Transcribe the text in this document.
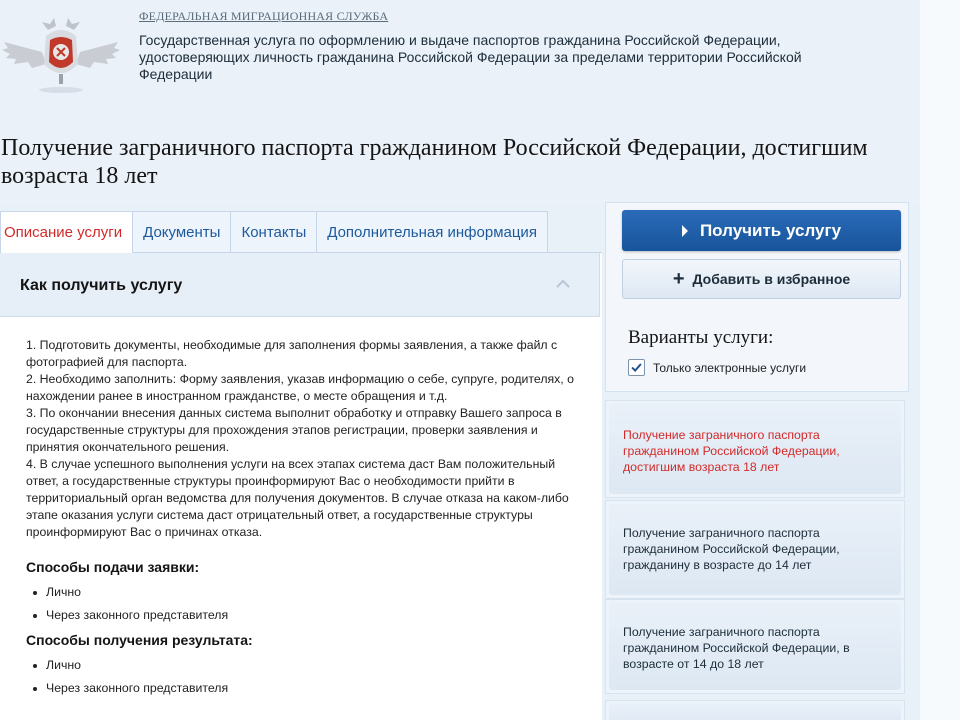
ФЕДЕРАЛЬНАЯ МИГРАЦИОННАЯ СЛУЖБА
Государственная услуга по оформлению и выдаче паспортов гражданина Российской Федерации, удостоверяющих личность гражданина Российской Федерации за пределами территории Российской Федерации
Получение заграничного паспорта гражданином Российской Федерации, достигшим возраста 18 лет
Описание услуги	Документы	Контакты	Дополнительная информация
Как получить услугу

1. Подготовить документы, необходимые для заполнения формы заявления, а также файл с фотографией для паспорта.

2. Необходимо заполнить: Форму заявления, указав информацию о себе, супруге, родителях, о нахождении ранее в иностранном гражданстве, о месте обращения и т.д.

3. По окончании внесения данных система выполнит обработку и отправку Вашего запроса в государственные структуры для прохождения этапов регистрации, проверки заявления и принятия окончательного решения.

4. В случае успешного выполнения услуги на всех этапах система даст Вам положительный ответ, а государственные структуры проинформируют Вас о необходимости прийти в территориальный орган ведомства для получения документов. В случае отказа на каком-либо этапе оказания услуги система даст отрицательный ответ, а государственные структуры проинформируют Вас о причинах отказа.

Способы подачи заявки:
Лично
Через законного представителя
Способы получения результата:
Лично
Через законного представителя
Получить услугу
+ Добавить в избранное
Варианты услуги:
Только электронные услуги
Получение заграничного паспорта гражданином Российской Федерации, достигшим возраста 18 лет
Получение заграничного паспорта гражданином Российской Федерации, гражданину в возрасте до 14 лет
Получение заграничного паспорта гражданином Российской Федерации, в возрасте от 14 до 18 лет
